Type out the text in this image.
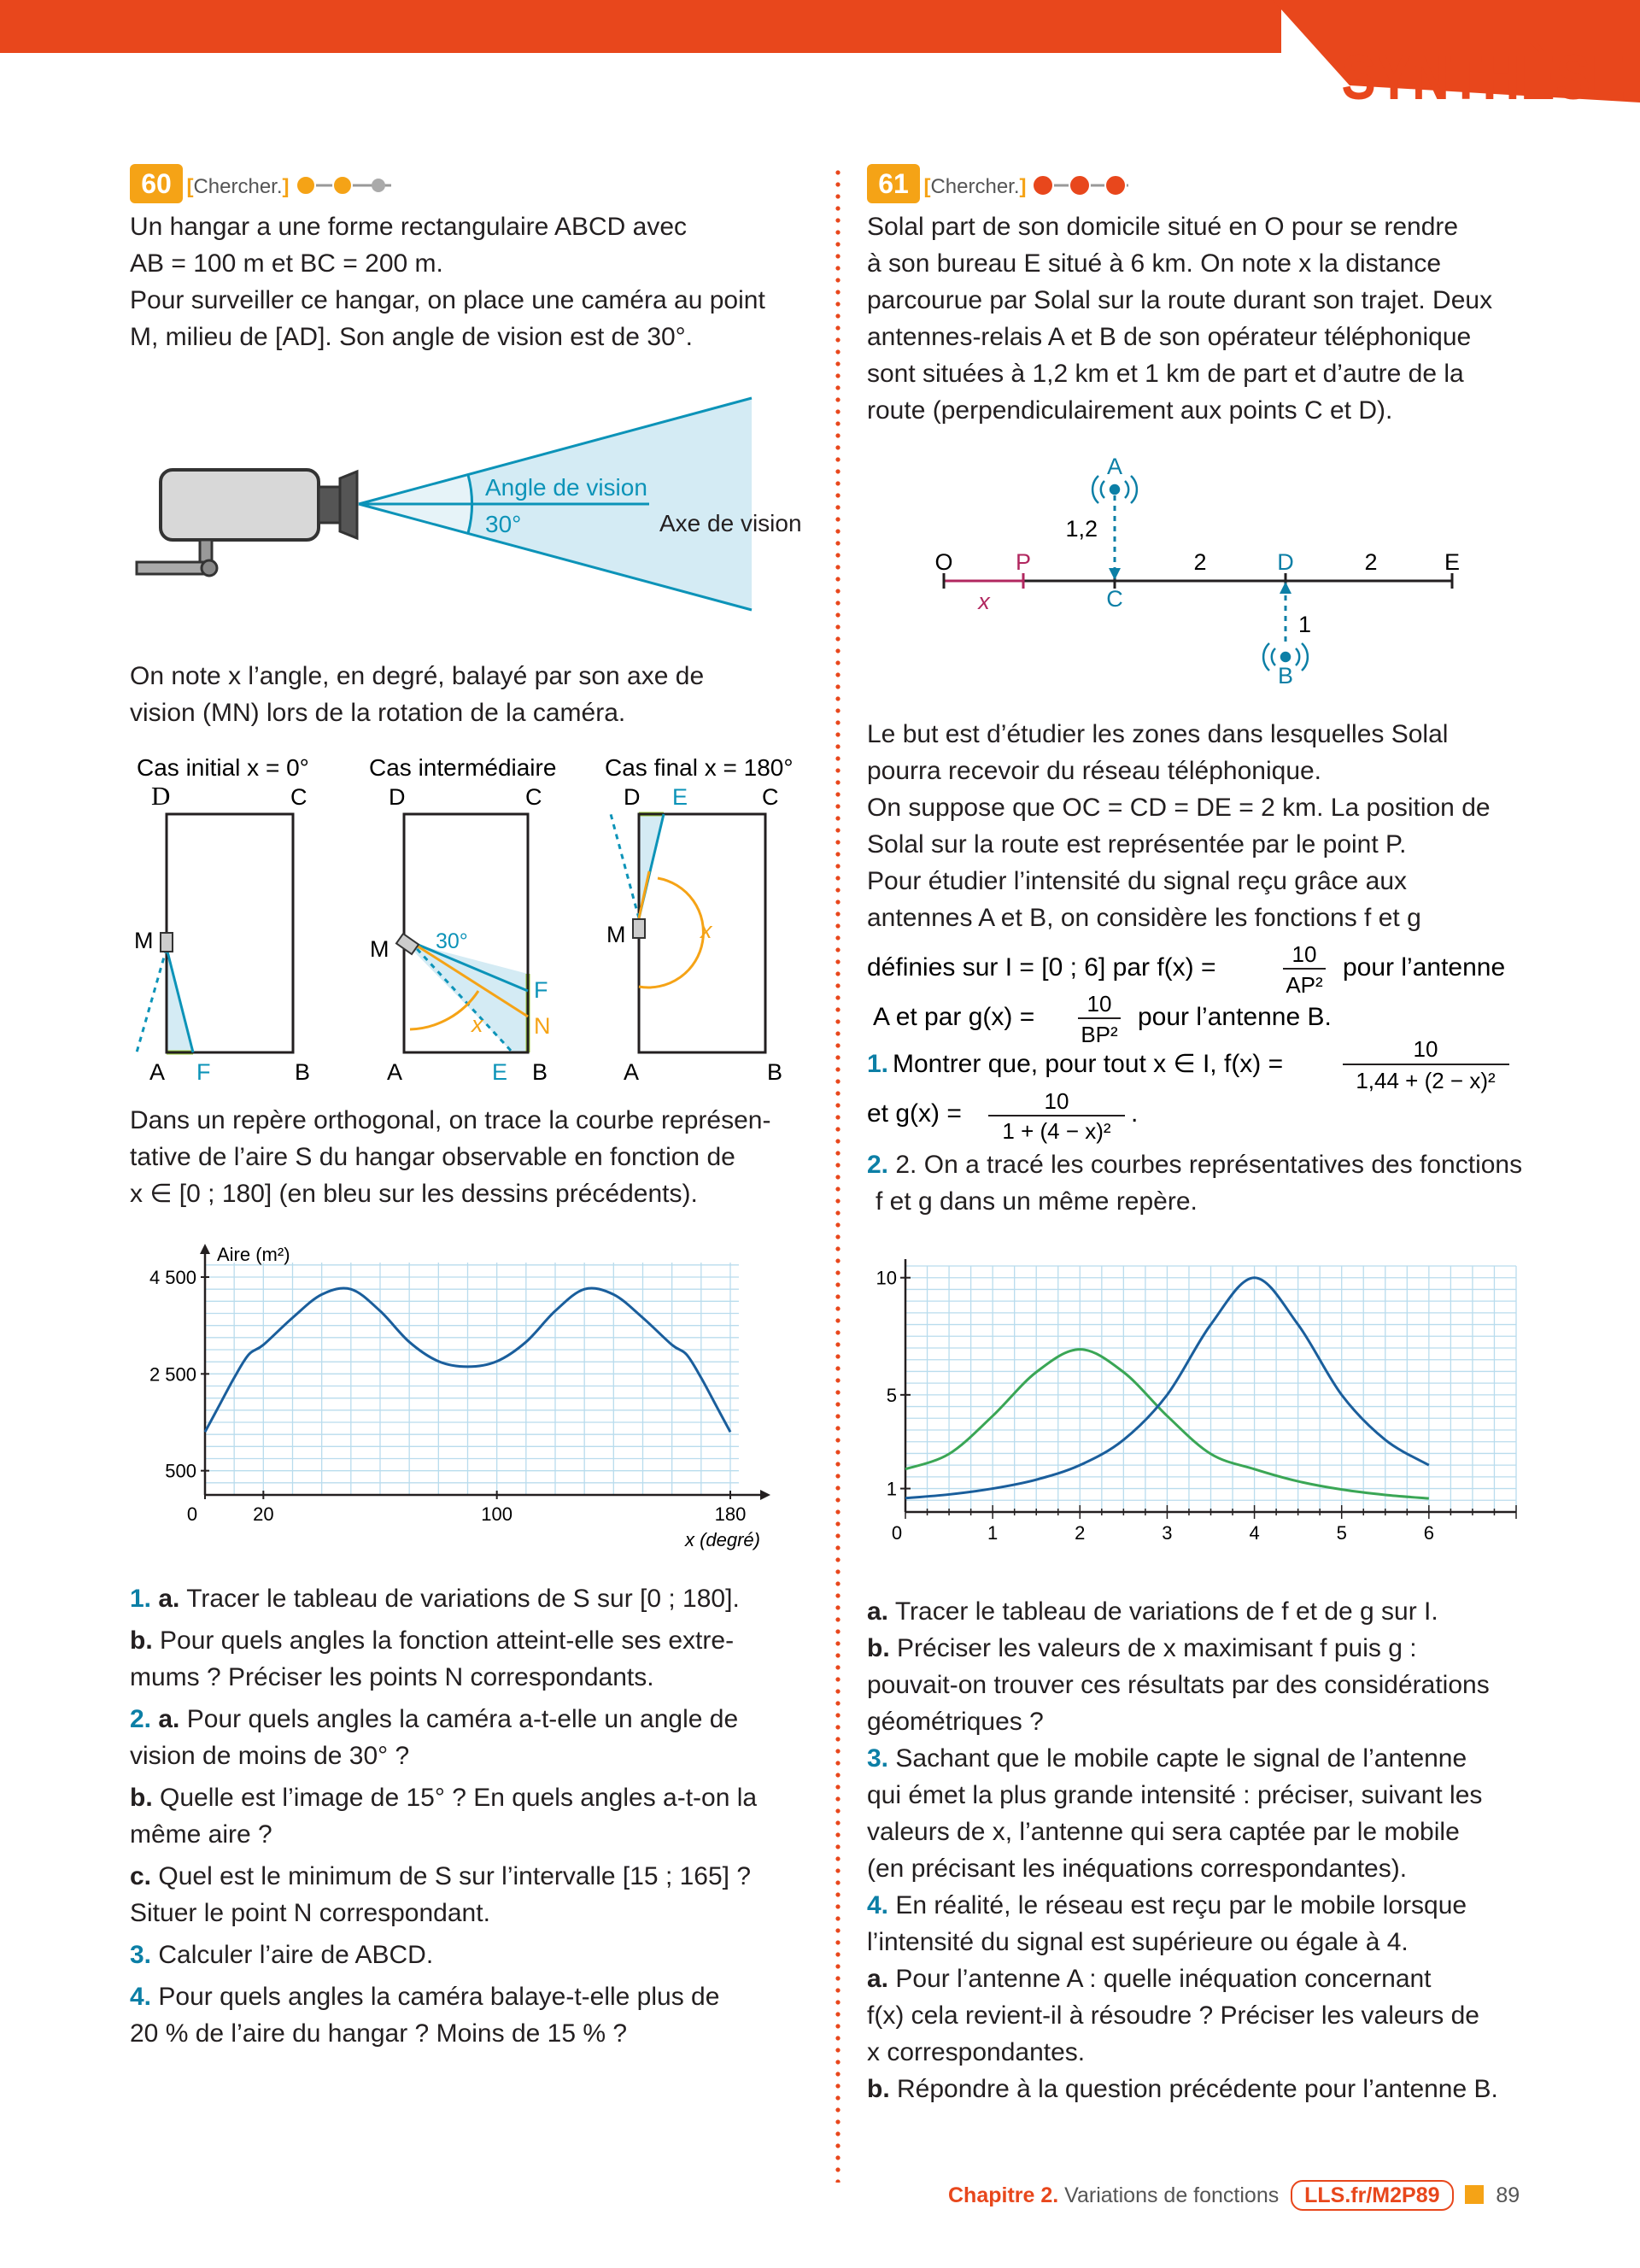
SYNTHÈSE
60 [Chercher.]

Un hangar a une forme rectangulaire ABCD avec

AB = 100 m et BC = 200 m.

Pour surveiller ce hangar, on place une caméra au point

M, milieu de [AD]. Son angle de vision est de 30°.

Angle de vision
30°	Axe de vision

On note x l’angle, en degré, balayé par son axe de

vision (MN) lors de la rotation de la caméra.

Cas initial x = 0°	Cas intermédiaire Cas final x = 180°
D	C
M
A F	B
30°
x
D	C
M
F
N
A	E B
x
D E	C
M
A	B

Dans un repère orthogonal, on trace la courbe représen-

tative de l’aire S du hangar observable en fonction de

x ∈ [0 ; 180] (en bleu sur les dessins précédents).

0	20	100	180
500
2 500
4 500
Aire (m²)
x (degré)

1. a. Tracer le tableau de variations de S sur [0 ; 180].

b. Pour quels angles la fonction atteint-elle ses extre-

mums ? Préciser les points N correspondants.

2. a. Pour quels angles la caméra a-t-elle un angle de

vision de moins de 30° ?

b. Quelle est l’image de 15° ? En quels angles a-t-on la

même aire ?

c. Quel est le minimum de S sur l’intervalle [15 ; 165] ?

Situer le point N correspondant.

3. Calculer l’aire de ABCD.

4. Pour quels angles la caméra balaye-t-elle plus de

20 % de l’aire du hangar ? Moins de 15 % ?

61 [Chercher.]

Solal part de son domicile situé en O pour se rendre

à son bureau E situé à 6 km. On note x la distance

parcourue par Solal sur la route durant son trajet. Deux

antennes-relais A et B de son opérateur téléphonique

sont situées à 1,2 km et 1 km de part et d’autre de la

route (perpendiculairement aux points C et D).

A
B
O	P
x	C
D	E
1,2
2	2
1

Le but est d’étudier les zones dans lesquelles Solal

pourra recevoir du réseau téléphonique.

On suppose que OC = CD = DE = 2 km. La position de

Solal sur la route est représentée par le point P.

Pour étudier l’intensité du signal reçu grâce aux

antennes A et B, on considère les fonctions f et g

définies sur I = [0 ; 6] par f(x) =	10
AP²
pour l’antenne
A et par g(x) = 10
BP²
pour l’antenne B.
1. Montrer que, pour tout x ∈ I, f(x) =
10
1,44 + (2 − x)²
et g(x) =	10
1 + (4 − x)²
.

2. 2. On a tracé les courbes représentatives des fonctions

f et g dans un même repère.

0	1	2	3	4	5	6
1
5
10

a. Tracer le tableau de variations de f et de g sur I.

b. Préciser les valeurs de x maximisant f puis g :

pouvait-on trouver ces résultats par des considérations

géométriques ?

3. Sachant que le mobile capte le signal de l’antenne

qui émet la plus grande intensité : préciser, suivant les

valeurs de x, l’antenne qui sera captée par le mobile

(en précisant les inéquations correspondantes).

4. En réalité, le réseau est reçu par le mobile lorsque

l’intensité du signal est supérieure ou égale à 4.

a. Pour l’antenne A : quelle inéquation concernant

f(x) cela revient-il à résoudre ? Préciser les valeurs de

x correspondantes.

b. Répondre à la question précédente pour l’antenne B.

Chapitre 2. Variations de fonctions LLS.fr/M2P89	89
